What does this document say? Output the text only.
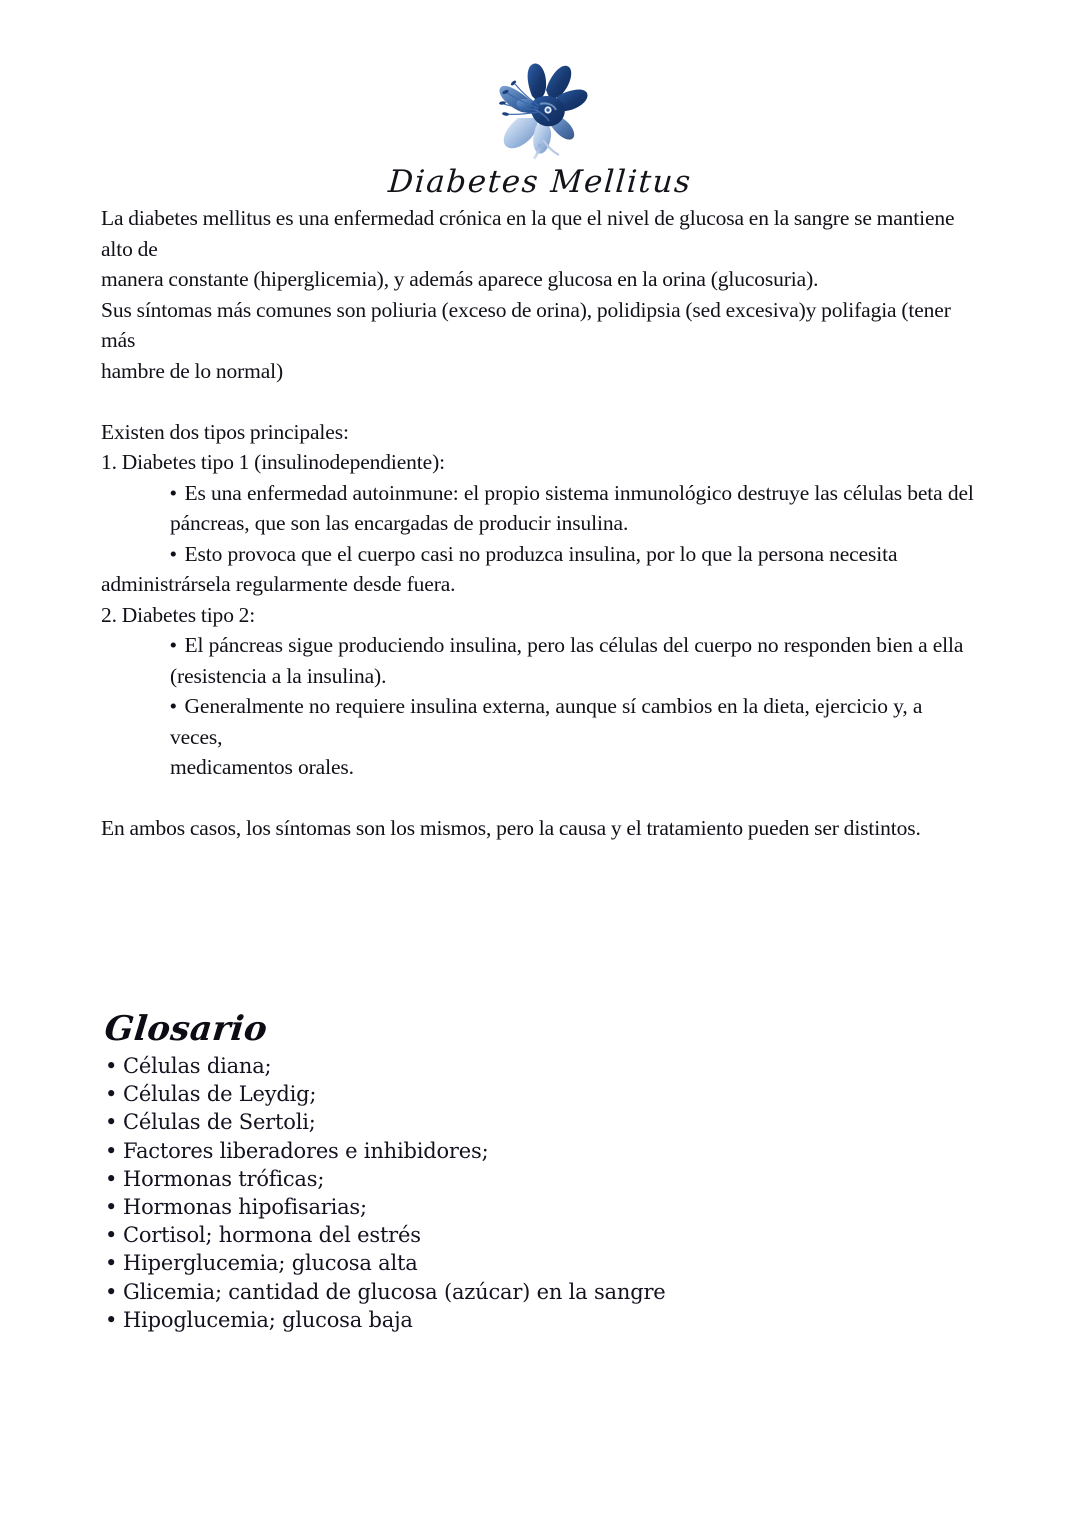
Diabetes Mellitus

La diabetes mellitus es una enfermedad crónica en la que el nivel de glucosa en la sangre se mantiene alto de

manera constante (hiperglicemia), y además aparece glucosa en la orina (glucosuria).

Sus síntomas más comunes son poliuria (exceso de orina), polidipsia (sed excesiva)y polifagia (tener más

hambre de lo normal)

Existen dos tipos principales:

1. Diabetes tipo 1 (insulinodependiente):

• Es una enfermedad autoinmune: el propio sistema inmunológico destruye las células beta del

páncreas, que son las encargadas de producir insulina.

• Esto provoca que el cuerpo casi no produzca insulina, por lo que la persona necesita

administrársela regularmente desde fuera.

2. Diabetes tipo 2:

• El páncreas sigue produciendo insulina, pero las células del cuerpo no responden bien a ella

(resistencia a la insulina).

• Generalmente no requiere insulina externa, aunque sí cambios en la dieta, ejercicio y, a veces,

medicamentos orales.

En ambos casos, los síntomas son los mismos, pero la causa y el tratamiento pueden ser distintos.

Glosario
• Células diana;
• Células de Leydig;
• Células de Sertoli;
• Factores liberadores e inhibidores;
• Hormonas tróficas;
• Hormonas hipofisarias;
• Cortisol; hormona del estrés
• Hiperglucemia; glucosa alta
• Glicemia; cantidad de glucosa (azúcar) en la sangre
• Hipoglucemia; glucosa baja
